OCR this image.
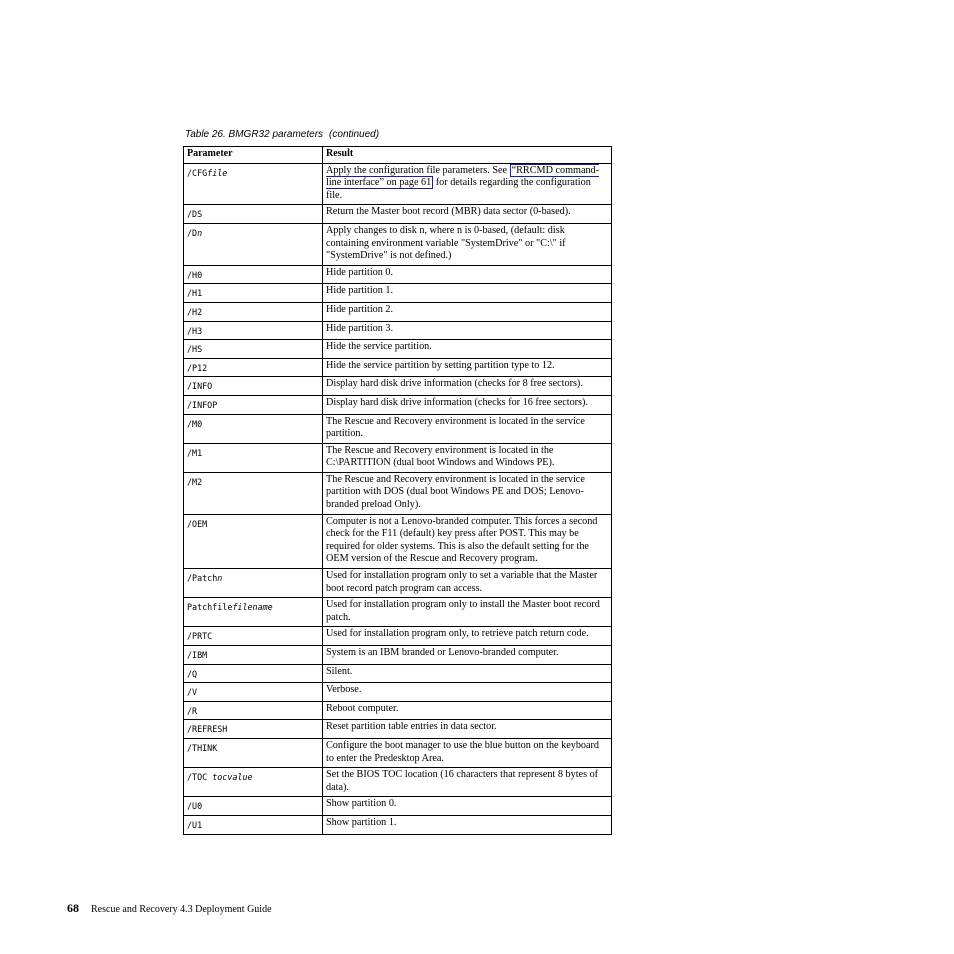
Table 26. BMGR32 parameters (continued)
Parameter	Result
/CFGfile	Apply the configuration file parameters. See “RRCMD command-line interface” on page 61 for details regarding the configuration file.
/DS	Return the Master boot record (MBR) data sector (0-based).
/Dn	Apply changes to disk n, where n is 0-based, (default: disk containing environment variable "SystemDrive" or "C:\" if "SystemDrive" is not defined.)
/H0	Hide partition 0.
/H1	Hide partition 1.
/H2	Hide partition 2.
/H3	Hide partition 3.
/HS	Hide the service partition.
/P12	Hide the service partition by setting partition type to 12.
/INFO	Display hard disk drive information (checks for 8 free sectors).
/INFOP	Display hard disk drive information (checks for 16 free sectors).
/M0	The Rescue and Recovery environment is located in the service partition.
/M1	The Rescue and Recovery environment is located in the C:\PARTITION (dual boot Windows and Windows PE).
/M2	The Rescue and Recovery environment is located in the service partition with DOS (dual boot Windows PE and DOS; Lenovo-branded preload Only).
/OEM	Computer is not a Lenovo-branded computer. This forces a second check for the F11 (default) key press after POST. This may be required for older systems. This is also the default setting for the OEM version of the Rescue and Recovery program.
/Patchn	Used for installation program only to set a variable that the Master boot record patch program can access.
Patchfilefilename	Used for installation program only to install the Master boot record patch.
/PRTC	Used for installation program only, to retrieve patch return code.
/IBM	System is an IBM branded or Lenovo-branded computer.
/Q	Silent.
/V	Verbose.
/R	Reboot computer.
/REFRESH	Reset partition table entries in data sector.
/THINK	Configure the boot manager to use the blue button on the keyboard to enter the Predesktop Area.
/TOC tocvalue	Set the BIOS TOC location (16 characters that represent 8 bytes of data).
/U0	Show partition 0.
/U1	Show partition 1.
68 Rescue and Recovery 4.3 Deployment Guide
